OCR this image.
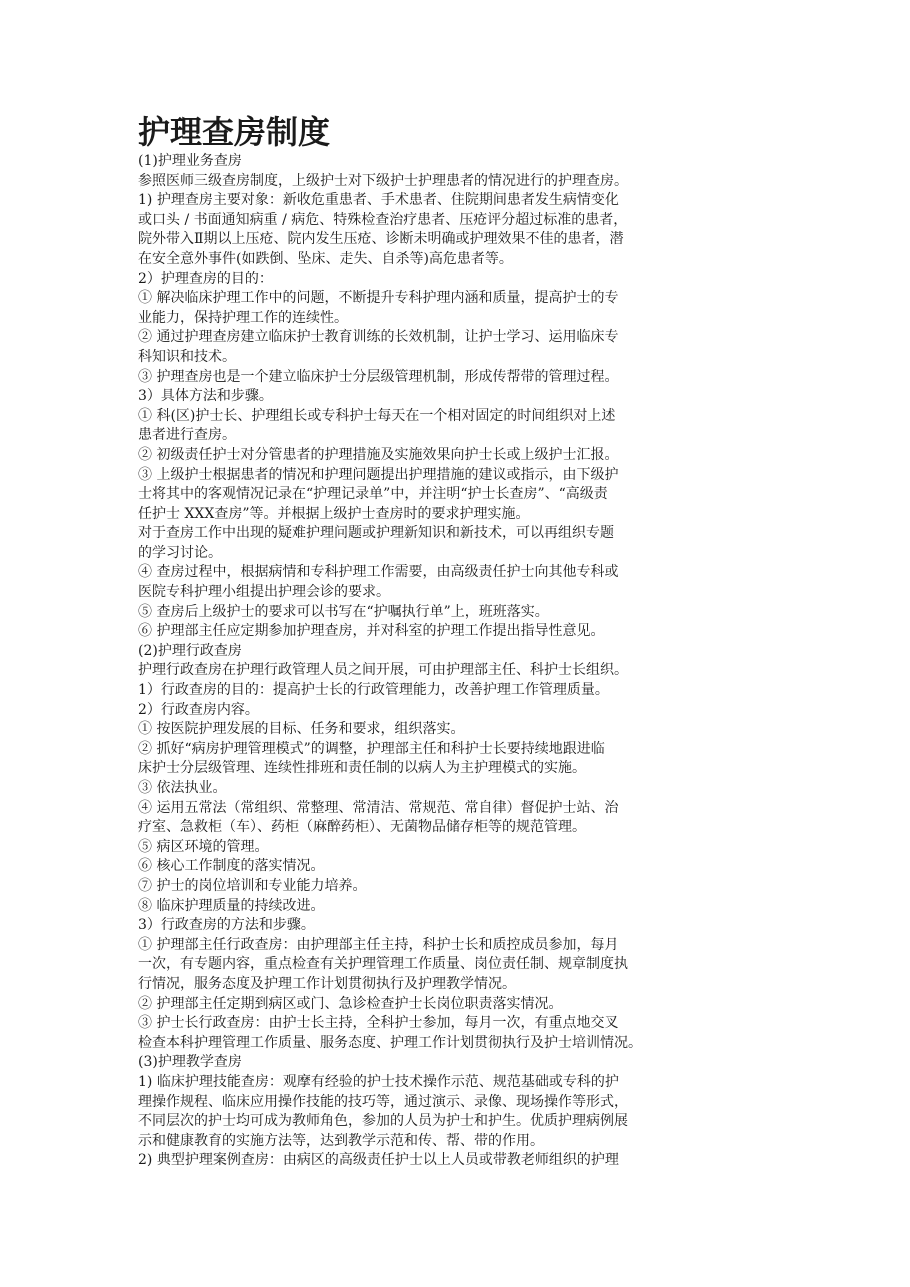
护理查房制度
(1)护理业务查房
参照医师三级查房制度，上级护士对下级护士护理患者的情况进行的护理查房。
1) 护理查房主要对象：新收危重患者、手术患者、住院期间患者发生病情变化
或口头 / 书面通知病重 / 病危、特殊检查治疗患者、压疮评分超过标准的患者，
院外带入Ⅱ期以上压疮、院内发生压疮、诊断未明确或护理效果不佳的患者，潜
在安全意外事件(如跌倒、坠床、走失、自杀等)高危患者等。
2）护理查房的目的：
① 解决临床护理工作中的问题，不断提升专科护理内涵和质量，提高护士的专
业能力，保持护理工作的连续性。
② 通过护理查房建立临床护士教育训练的长效机制，让护士学习、运用临床专
科知识和技术。
③ 护理查房也是一个建立临床护士分层级管理机制，形成传帮带的管理过程。
3）具体方法和步骤。
① 科(区)护士长、护理组长或专科护士每天在一个相对固定的时间组织对上述
患者进行查房。
② 初级责任护士对分管患者的护理措施及实施效果向护士长或上级护士汇报。
③ 上级护士根据患者的情况和护理问题提出护理措施的建议或指示，由下级护
士将其中的客观情况记录在“护理记录单”中，并注明“护士长查房”、“高级责
任护士 XXX查房”等。并根据上级护士查房时的要求护理实施。
对于查房工作中出现的疑难护理问题或护理新知识和新技术，可以再组织专题
的学习讨论。
④ 查房过程中，根据病情和专科护理工作需要，由高级责任护士向其他专科或
医院专科护理小组提出护理会诊的要求。
⑤ 查房后上级护士的要求可以书写在“护嘱执行单”上，班班落实。
⑥ 护理部主任应定期参加护理查房，并对科室的护理工作提出指导性意见。
(2)护理行政查房
护理行政查房在护理行政管理人员之间开展，可由护理部主任、科护士长组织。
1）行政查房的目的：提高护士长的行政管理能力，改善护理工作管理质量。
2）行政查房内容。
① 按医院护理发展的目标、任务和要求，组织落实。
② 抓好“病房护理管理模式”的调整，护理部主任和科护士长要持续地跟进临
床护士分层级管理、连续性排班和责任制的以病人为主护理模式的实施。
③ 依法执业。
④ 运用五常法（常组织、常整理、常清洁、常规范、常自律）督促护士站、治
疗室、急救柜（车）、药柜（麻醉药柜）、无菌物品储存柜等的规范管理。
⑤ 病区环境的管理。
⑥ 核心工作制度的落实情况。
⑦ 护士的岗位培训和专业能力培养。
⑧ 临床护理质量的持续改进。
3）行政查房的方法和步骤。
① 护理部主任行政查房：由护理部主任主持，科护士长和质控成员参加，每月
一次，有专题内容，重点检查有关护理管理工作质量、岗位责任制、规章制度执
行情况，服务态度及护理工作计划贯彻执行及护理教学情况。
② 护理部主任定期到病区或门、急诊检查护士长岗位职责落实情况。
③ 护士长行政查房：由护士长主持，全科护士参加，每月一次，有重点地交叉
检查本科护理管理工作质量、服务态度、护理工作计划贯彻执行及护士培训情况。
(3)护理教学查房
1) 临床护理技能查房：观摩有经验的护士技术操作示范、规范基础或专科的护
理操作规程、临床应用操作技能的技巧等，通过演示、录像、现场操作等形式，
不同层次的护士均可成为教师角色，参加的人员为护士和护生。优质护理病例展
示和健康教育的实施方法等，达到教学示范和传、帮、带的作用。
2) 典型护理案例查房：由病区的高级责任护士以上人员或带教老师组织的护理
